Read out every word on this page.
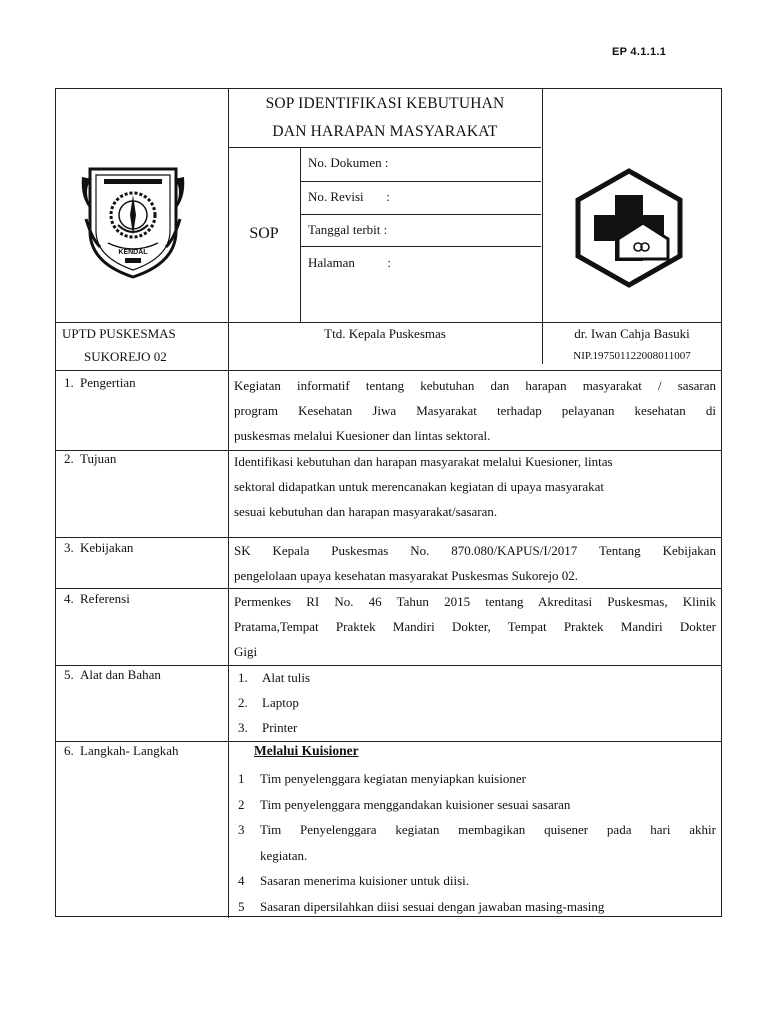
EP 4.1.1.1
SOP IDENTIFIKASI KEBUTUHAN
DAN HARAPAN MASYARAKAT
SOP
No. Dokumen :
No. Revisi       :
Tanggal terbit :
Halaman          :
KENDAL
UPTD PUSKESMAS
SUKOREJO 02
Ttd. Kepala Puskesmas	dr. Iwan Cahja Basuki
NIP.197501122008011007
1. Pengertian	Kegiatan informatif tentang kebutuhan dan harapan masyarakat / sasaran
program Kesehatan Jiwa Masyarakat terhadap pelayanan kesehatan di
puskesmas melalui Kuesioner dan lintas sektoral.
2. Tujuan	Identifikasi kebutuhan dan harapan masyarakat melalui Kuesioner, lintas
sektoral didapatkan untuk merencanakan kegiatan di upaya masyarakat
sesuai kebutuhan dan harapan masyarakat/sasaran.
3. Kebijakan	SK Kepala Puskesmas No. 870.080/KAPUS/I/2017 Tentang Kebijakan
pengelolaan upaya kesehatan masyarakat Puskesmas Sukorejo 02.
4. Referensi	Permenkes RI No. 46 Tahun 2015 tentang Akreditasi Puskesmas, Klinik
Pratama,Tempat Praktek Mandiri Dokter, Tempat Praktek Mandiri Dokter
Gigi
5. Alat dan Bahan	1. Alat tulis
2. Laptop
3. Printer
6. Langkah- Langkah	Melalui Kuisioner
1 Tim penyelenggara kegiatan menyiapkan kuisioner
2 Tim penyelenggara menggandakan kuisioner sesuai sasaran
3	Tim Penyelenggara kegiatan membagikan quisener pada hari akhir
kegiatan.
4 Sasaran menerima kuisioner untuk diisi.
5 Sasaran dipersilahkan diisi sesuai dengan jawaban masing-masing
